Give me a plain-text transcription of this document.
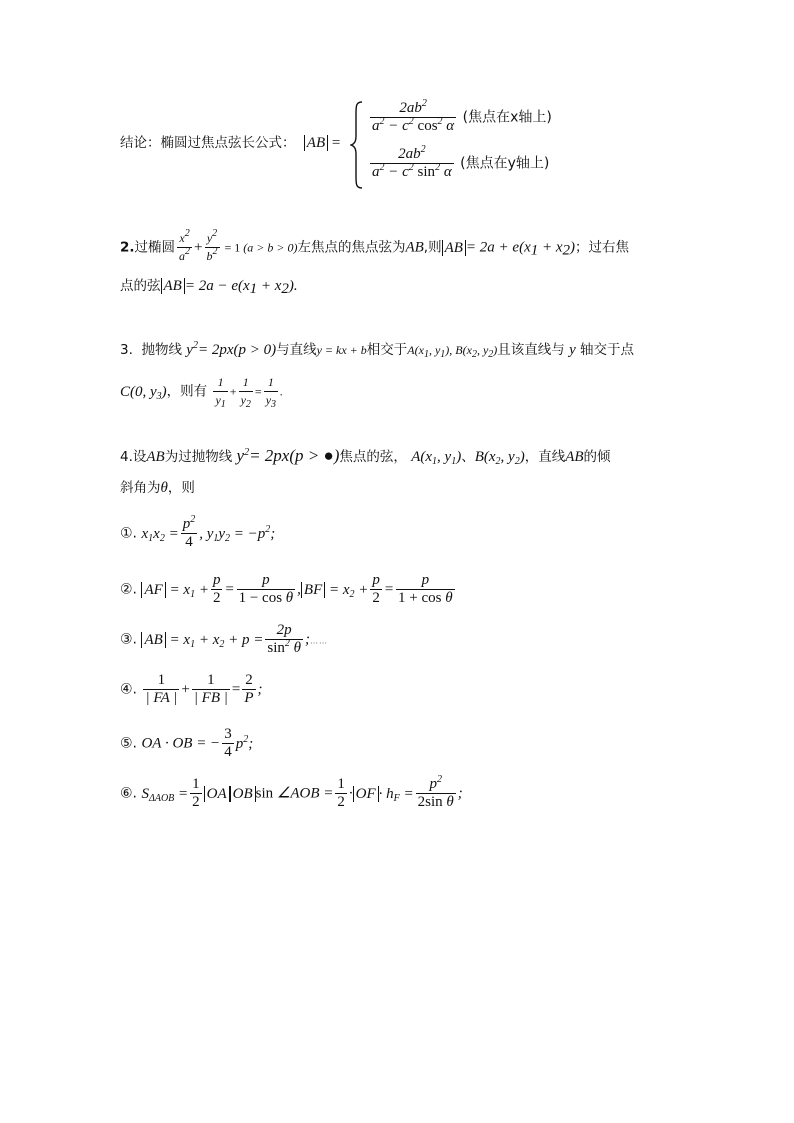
结论：椭圆过焦点弦长公式： AB =
$\frac{2ab^2}{a^2 - c^2 \cos^2 \alpha}$ (焦点在x轴上)
$\frac{2ab^2}{a^2 - c^2 \sin^2 \alpha}$ (焦点在y轴上)
2.过椭圆 $\frac{x^2}{a^2} + \frac{y^2}{b^2} = 1$ (a > b > 0)左焦点的焦点弦为AB,则 AB = $2a + e(x_1 + x_2)$；过右焦
点的弦 AB = $2a - e(x_1 + x_2)$.
3. 抛物线 $y^2= 2px(p > 0)$与直线y = kx + b相交于$A(x_1$, $y_1$), $B(x_2$, $y_2$)且该直线与 y 轴交于点
C(0, $y_3$)，则有 $\frac{1}{y_1} + \frac{1}{y_2} = \frac{1}{y_3}$ .
4.设AB为过抛物线 $y^2= 2px(p$ > ●)焦点的弦， $A(x_1$, $y_1$)、$B(x_2$, $y_2$)，直线AB的倾
斜角为θ，则
①. $x_1x_2 = \frac{p^2}{4}$ , $y_1y_2 = -p^2$;
②. AF = $x_1 + \frac{p}{2} = \frac{p}{\text{1 − cos θ}}$ , BF = $x_2 + \frac{p}{2} = \frac{p}{\text{1 + cos θ}}$
③. AB = $x_1 + x_2 + p = \frac{2p}{\sin^2 \theta}$ ;……
④. $\frac{1}{| FA |} + \frac{1}{| FB |} = \frac{2}{P}$ ;
⑤. OA · OB = − $\frac{3}{4} p^2$;
⑥. $S_{\Delta AOB} = \frac{1}{2}$ OA OB sin ∠AOB = $\frac{1}{2}$ · OF · $h_F = \frac{p^2}{\text{2sin θ}}$ ;
